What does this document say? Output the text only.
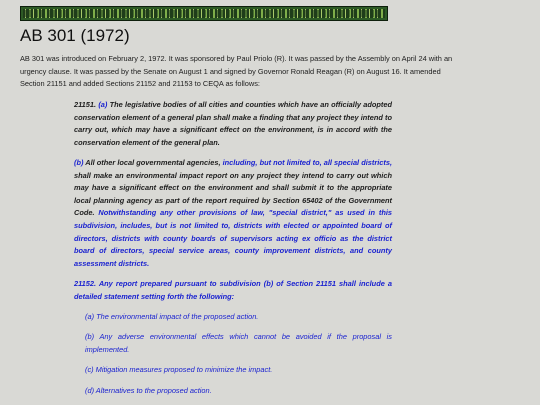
AB 301 (1972)

AB 301 was introduced on February 2, 1972. It was sponsored by Paul Priolo (R). It was passed by the Assembly on April 24 with an urgency clause. It was passed by the Senate on August 1 and signed by Governor Ronald Reagan (R) on August 16. It amended Section 21151 and added Sections 21152 and 21153 to CEQA as follows:

21151. (a) The legislative bodies of all cities and counties which have an officially adopted conservation element of a general plan shall make a finding that any project they intend to carry out, which may have a significant effect on the environment, is in accord with the conservation element of the general plan.

(b) All other local governmental agencies, including, but not limited to, all special districts, shall make an environmental impact report on any project they intend to carry out which may have a significant effect on the environment and shall submit it to the appropriate local planning agency as part of the report required by Section 65402 of the Government Code. Notwithstanding any other provisions of law, "special district," as used in this subdivision, includes, but is not limited to, districts with elected or appointed board of directors, districts with county boards of supervisors acting ex officio as the district board of directors, special service areas, county improvement districts, and county assessment districts.

21152. Any report prepared pursuant to subdivision (b) of Section 21151 shall include a detailed statement setting forth the following:

(a) The environmental impact of the proposed action.

(b) Any adverse environmental effects which cannot be avoided if the proposal is implemented.

(c) Mitigation measures proposed to minimize the impact.

(d) Alternatives to the proposed action.
